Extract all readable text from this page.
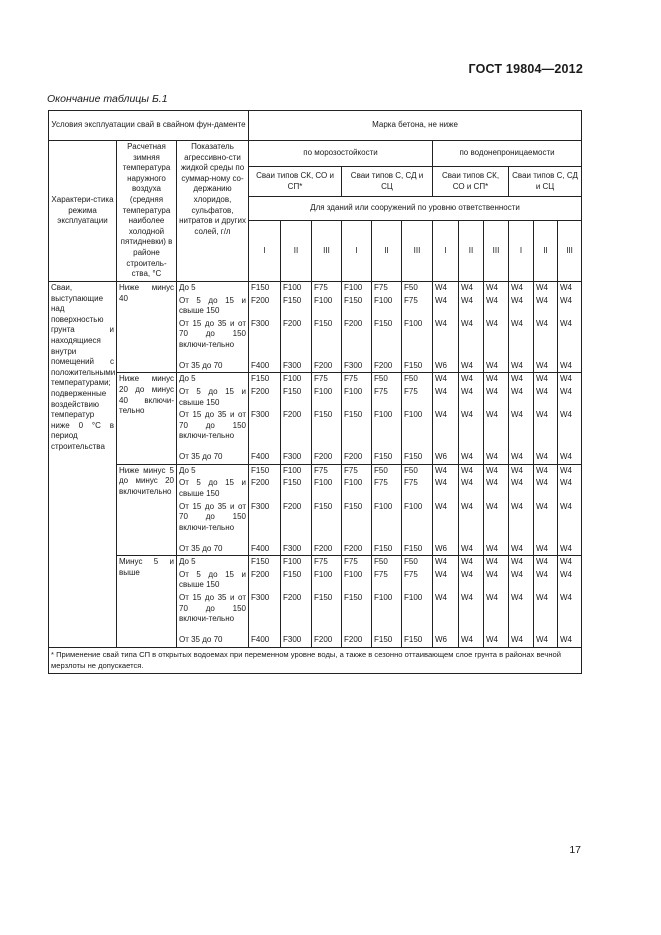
ГОСТ 19804—2012
Окончание таблицы Б.1
Условия эксплуатации свай в свайном фун-даменте			Марка бетона, не ниже											
Характери-стика режима эксплуатации	Расчетная зимняя температура наружного воздуха (средняя температура наиболее холодной пятидневки) в районе строитель-ства, °С	Показатель агрессивно-сти жидкой среды по суммар-ному со-держанию хлоридов, сульфатов, нитратов и других солей, г/л	по морозостойкости						по водонепроницаемости					
			Сваи типов СК, СО и СП*			Сваи типов С, СД и СЦ			Сваи типов СК, СО и СП*			Сваи типов С, СД и СЦ		
			Для зданий или сооружений по уровню ответственности											
			I	II	III	I	II	III	I	II	III	I	II	III
Сваи, выступающие над поверхностью грунта и находящиеся внутри помещений с положительными температурами; подверженные воздействию температур ниже 0 °С в период строительства	Ниже минус 40	До 5	F150	F100	F75	F100	F75	F50	W4	W4	W4	W4	W4	W4
		От 5 до 15 и свыше 150	F200	F150	F100	F150	F100	F75	W4	W4	W4	W4	W4	W4
		От 15 до 35 и от 70 до 150 включи-тельно	F300	F200	F150	F200	F150	F100	W4	W4	W4	W4	W4	W4
		От 35 до 70	F400	F300	F200	F300	F200	F150	W6	W4	W4	W4	W4	W4
	Ниже минус 20 до минус 40 включи-тельно	До 5	F150	F100	F75	F75	F50	F50	W4	W4	W4	W4	W4	W4
		От 5 до 15 и свыше 150	F200	F150	F100	F100	F75	F75	W4	W4	W4	W4	W4	W4
		От 15 до 35 и от 70 до 150 включи-тельно	F300	F200	F150	F150	F100	F100	W4	W4	W4	W4	W4	W4
		От 35 до 70	F400	F300	F200	F200	F150	F150	W6	W4	W4	W4	W4	W4
	Ниже минус 5 до минус 20 включительно	До 5	F150	F100	F75	F75	F50	F50	W4	W4	W4	W4	W4	W4
		От 5 до 15 и свыше 150	F200	F150	F100	F100	F75	F75	W4	W4	W4	W4	W4	W4
		От 15 до 35 и от 70 до 150 включи-тельно	F300	F200	F150	F150	F100	F100	W4	W4	W4	W4	W4	W4
		От 35 до 70	F400	F300	F200	F200	F150	F150	W6	W4	W4	W4	W4	W4
	Минус 5 и выше	До 5	F150	F100	F75	F75	F50	F50	W4	W4	W4	W4	W4	W4
		От 5 до 15 и свыше 150	F200	F150	F100	F100	F75	F75	W4	W4	W4	W4	W4	W4
		От 15 до 35 и от 70 до 150 включи-тельно	F300	F200	F150	F150	F100	F100	W4	W4	W4	W4	W4	W4
		От 35 до 70	F400	F300	F200	F200	F150	F150	W6	W4	W4	W4	W4	W4
* Применение свай типа СП в открытых водоемах при переменном уровне воды, а также в сезонно оттаивающем слое грунта в районах вечной мерзлоты не допускается.														
17
